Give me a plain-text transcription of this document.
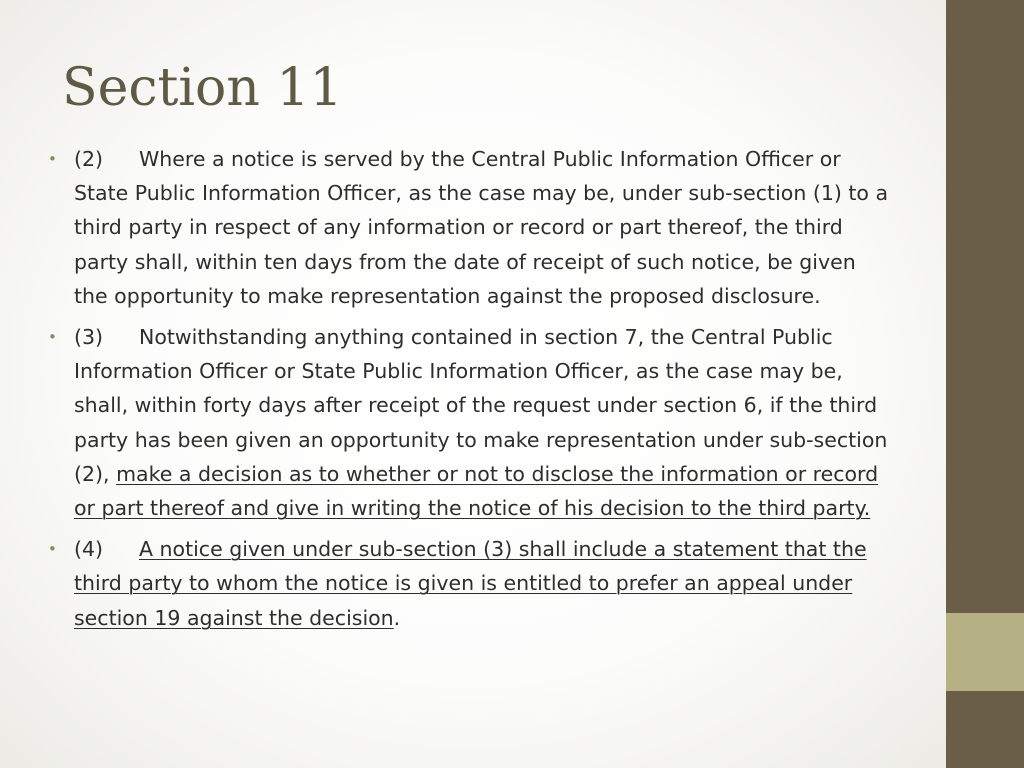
Section 11
• (2) Where a notice is served by the Central Public Information Officer or State Public Information Officer, as the case may be, under sub-section (1) to a third party in respect of any information or record or part thereof, the third party shall, within ten days from the date of receipt of such notice, be given the opportunity to make representation against the proposed disclosure.
• (3) Notwithstanding anything contained in section 7, the Central Public Information Officer or State Public Information Officer, as the case may be, shall, within forty days after receipt of the request under section 6, if the third party has been given an opportunity to make representation under sub-section (2), make a decision as to whether or not to disclose the information or record or part thereof and give in writing the notice of his decision to the third party.
• (4) A notice given under sub-section (3) shall include a statement that the third party to whom the notice is given is entitled to prefer an appeal under section 19 against the decision.
